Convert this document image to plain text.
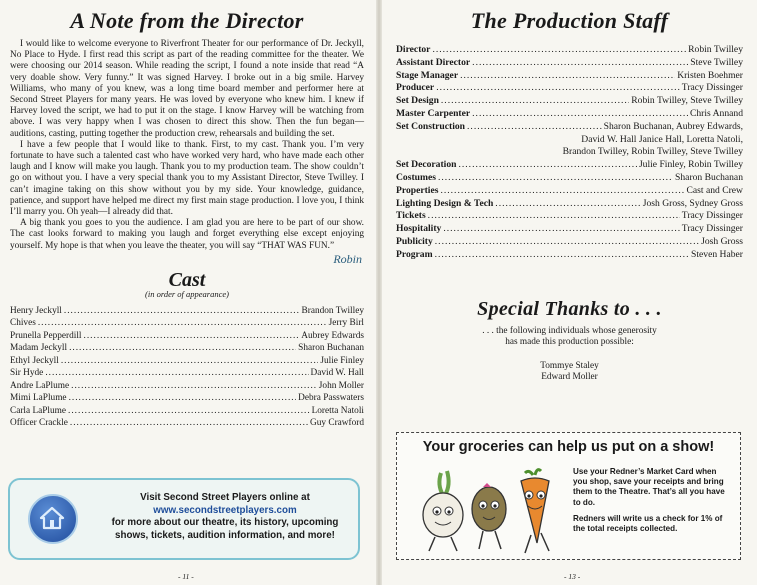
A Note from the Director

I would like to welcome everyone to Riverfront Theater for our performance of Dr. Jeckyll, No Place to Hyde. I first read this script as part of the reading committee for the theater. We were choosing our 2014 season. While reading the script, I found a note inside that read “A very doable show. Very funny.” It was signed Harvey. I broke out in a big smile. Harvey Williams, who many of you knew, was a long time board member and performer here at Second Street Players for many years. He was loved by everyone who knew him. I knew if Harvey loved the script, we had to put it on the stage. I know Harvey will be watching from above. I was very happy when I was chosen to direct this show. Then the fun began—auditions, casting, putting together the production crew, rehearsals and building the set.

I have a few people that I would like to thank. First, to my cast. Thank you. I’m very fortunate to have such a talented cast who have worked very hard, who have made each other laugh and I know will make you laugh. Thank you to my production team. The show couldn’t go on without you. I have a very special thank you to my Assistant Director, Steve Twilley. I can’t imagine taking on this show without you by my side. Your knowledge, guidance, patience, and support have helped me direct my first main stage production. I love you, I think I’ll marry you. Oh yeah—I already did that.

A big thank you goes to you the audience. I am glad you are here to be part of our show. The cast looks forward to making you laugh and forget everything else except enjoying yourself. My hope is that when you leave the theater, you will say “THAT WAS FUN.”

Robin
Cast
(in order of appearance)
Henry Jeckyll .....	Brandon Twilley
Chives .....	Jerry Birl
Prunella Pepperdill .....	Aubrey Edwards
Madam Jeckyll .....	Sharon Buchanan
Ethyl Jeckyll .....	Julie Finley
Sir Hyde .....	David W. Hall
Andre LaPlume .....	John Moller
Mimi LaPlume .....	Debra Passwaters
Carla LaPlume .....	Loretta Natoli
Officer Crackle .....	Guy Crawford
Visit Second Street Players online at
www.secondstreetplayers.com
for more about our theatre, its history, upcoming
shows, tickets, audition information, and more!
- 11 -
The Production Staff
Director .....	Robin Twilley
Assistant Director .....	Steve Twilley
Stage Manager .....	Kristen Boehmer
Producer .....	Tracy Dissinger
Set Design .....	Robin Twilley, Steve Twilley
Master Carpenter .....	Chris Annand
Set Construction .....	Sharon Buchanan, Aubrey Edwards,
David W. Hall Janice Hall, Loretta Natoli,
Brandon Twilley, Robin Twilley, Steve Twilley
Set Decoration .....	Julie Finley, Robin Twilley
Costumes .....	Sharon Buchanan
Properties .....	Cast and Crew
Lighting Design & Tech .....	Josh Gross, Sydney Gross
Tickets .....	Tracy Dissinger
Hospitality .....	Tracy Dissinger
Publicity .....	Josh Gross
Program .....	Steven Haber
Special Thanks to . . .

. . . the following individuals whose generosity

has made this production possible:

Tommye Staley
Edward Moller
Your groceries can help us put on a show!

Use your Redner’s Market Card when you shop, save your receipts and bring them to the Theatre. That’s all you have to do.

Redners will write us a check for 1% of the total receipts collected.

- 13 -
